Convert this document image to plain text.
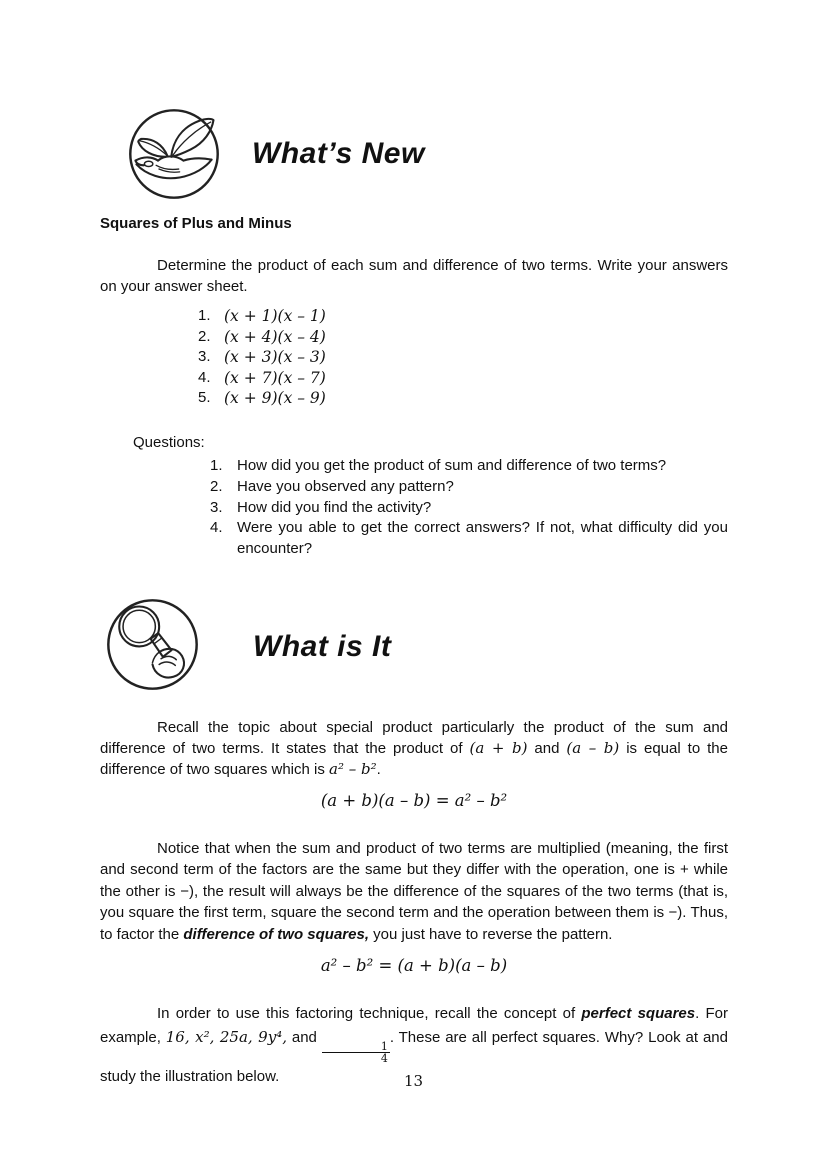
What’s New
Squares of Plus and Minus

Determine the product of each sum and difference of two terms. Write your answers on your answer sheet.

1. (x + 1)(x – 1)
2. (x + 4)(x – 4)
3. (x + 3)(x – 3)
4. (x + 7)(x – 7)
5. (x + 9)(x – 9)
Questions:
1. How did you get the product of sum and difference of two terms?
2. Have you observed any pattern?
3. How did you find the activity?
4. Were you able to get the correct answers? If not, what difficulty did you encounter?
What is It

Recall the topic about special product particularly the product of the sum and difference of two terms. It states that the product of (a + b) and (a – b) is equal to the difference of two squares which is a² – b².

(a + b)(a – b) = a² – b²

Notice that when the sum and product of two terms are multiplied (meaning, the first and second term of the factors are the same but they differ with the operation, one is + while the other is −), the result will always be the difference of the squares of the two terms (that is, you square the first term, square the second term and the operation between them is −). Thus, to factor the difference of two squares, you just have to reverse the pattern.

a² – b² = (a + b)(a – b)

In order to use this factoring technique, recall the concept of perfect squares. For example, 16, x², 25a, 9y⁴, and
$\frac{1}{4}$
. These are all perfect squares. Why? Look at and study the illustration below.	13
